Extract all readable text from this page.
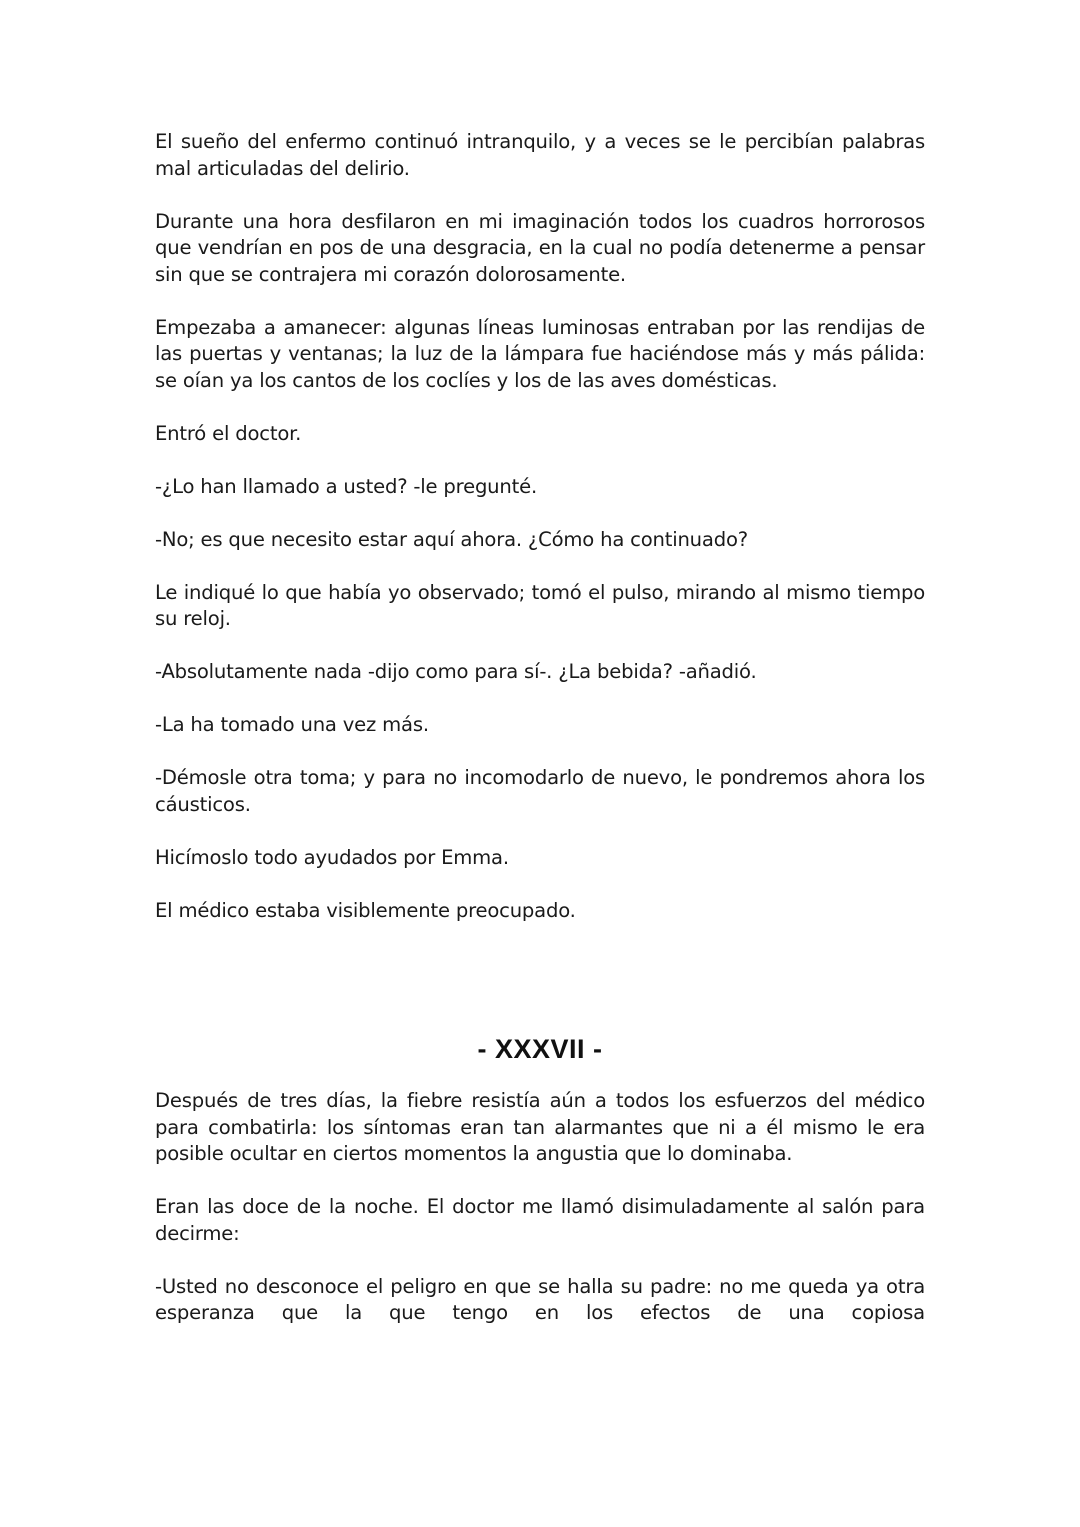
El sueño del enfermo continuó intranquilo, y a veces se le percibían palabras mal articuladas del delirio.

Durante una hora desfilaron en mi imaginación todos los cuadros horrorosos que vendrían en pos de una desgracia, en la cual no podía detenerme a pensar sin que se contrajera mi corazón dolorosamente.

Empezaba a amanecer: algunas líneas luminosas entraban por las rendijas de las puertas y ventanas; la luz de la lámpara fue haciéndose más y más pálida: se oían ya los cantos de los coclíes y los de las aves domésticas.

Entró el doctor.

-¿Lo han llamado a usted? -le pregunté.

-No; es que necesito estar aquí ahora. ¿Cómo ha continuado?

Le indiqué lo que había yo observado; tomó el pulso, mirando al mismo tiempo su reloj.

-Absolutamente nada -dijo como para sí-. ¿La bebida? -añadió.

-La ha tomado una vez más.

-Démosle otra toma; y para no incomodarlo de nuevo, le pondremos ahora los cáusticos.

Hicímoslo todo ayudados por Emma.

El médico estaba visiblemente preocupado.

- XXXVII -

Después de tres días, la fiebre resistía aún a todos los esfuerzos del médico para combatirla: los síntomas eran tan alarmantes que ni a él mismo le era posible ocultar en ciertos momentos la angustia que lo dominaba.

Eran las doce de la noche. El doctor me llamó disimuladamente al salón para decirme:

-Usted no desconoce el peligro en que se halla su padre: no me queda ya otra esperanza que la que tengo en los efectos de una copiosa
